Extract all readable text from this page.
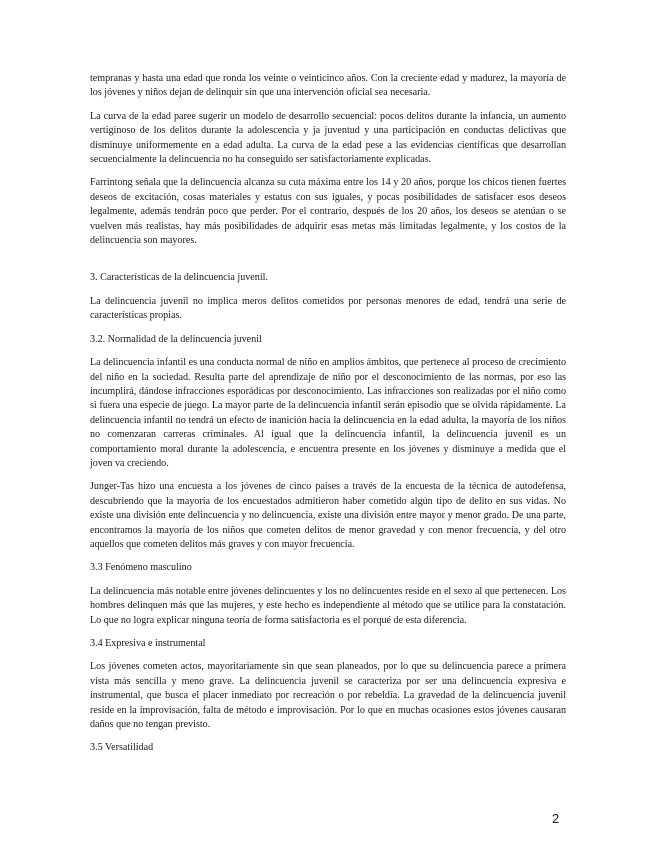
tempranas y hasta una edad que ronda los veinte o veinticinco años. Con la creciente edad y madurez, la mayoría de los jóvenes y niños dejan de delinquir sin que una intervención oficial sea necesaria.

La curva de la edad paree sugerir un modelo de desarrollo secuencial: pocos delitos durante la infancia, un aumento vertiginoso de los delitos durante la adolescencia y ja juventud y una participación en conductas delictivas que disminuye uniformemente en a edad adulta. La curva de la edad pese a las evidencias científicas que desarrollan secuencialmente la delincuencia no ha conseguido ser satisfactoriamente explicadas.

Farrintong señala que la delincuencia alcanza su cuta máxima entre los 14 y 20 años, porque los chicos tienen fuertes deseos de excitación, cosas materiales y estatus con sus iguales, y pocas posibilidades de satisfacer esos deseos legalmente, además tendrán poco que perder. Por el contrario, después de los 20 años, los deseos se atenúan o se vuelven más realistas, hay más posibilidades de adquirir esas metas más limitadas legalmente, y los costos de la delincuencia son mayores.

3. Características de la delincuencia juvenil.

La delincuencia juvenil no implica meros delitos cometidos por personas menores de edad, tendrá una serie de características propias.

3.2. Normalidad de la delincuencia juvenil

La delincuencia infantil es una conducta normal de niño en amplios ámbitos, que pertenece al proceso de crecimiento del niño en la sociedad. Resulta parte del aprendizaje de niño por el desconocimiento de las normas, por eso las incumplirá, dándose infracciones esporádicas por desconocimiento. Las infracciones son realizadas por el niño como si fuera una especie de juego. La mayor parte de la delincuencia infantil serán episodio que se olvida rápidamente. La delincuencia infantil no tendrá un efecto de inanición hacia la delincuencia en la edad adulta, la mayoría de los niños no comenzaran carreras criminales. Al igual que la delincuencia infantil, la delincuencia juvenil es un comportamiento moral durante la adolescencia, e encuentra presente en los jóvenes y disminuye a medida que el joven va creciendo.

Junger-Tas hizo una encuesta a los jóvenes de cinco países a través de la encuesta de la técnica de autodefensa, descubriendo que la mayoría de los encuestados admitieron haber cometido algún tipo de delito en sus vidas. No existe una división ente delincuencia y no delincuencia, existe una división entre mayor y menor grado. De una parte, encontramos la mayoría de los niños que cometen delitos de menor gravedad y con menor frecuencia, y del otro aquellos que cometen delitos más graves y con mayor frecuencia.

3.3 Fenómeno masculino

La delincuencia más notable entre jóvenes delincuentes y los no delincuentes reside en el sexo al que pertenecen. Los hombres delinquen más que las mujeres, y este hecho es independiente al método que se utilice para la constatación. Lo que no logra explicar ninguna teoría de forma satisfactoria es el porqué de esta diferencia.

3.4 Expresiva e instrumental

Los jóvenes cometen actos, mayoritariamente sin que sean planeados, por lo que su delincuencia parece a primera vista más sencilla y meno grave. La delincuencia juvenil se caracteriza por ser una delincuencia expresiva e instrumental, que busca el placer inmediato por recreación o por rebeldía. La gravedad de la delincuencia juvenil reside en la improvisación, falta de método e improvisación. Por lo que en muchas ocasiones estos jóvenes causaran daños que no tengan previsto.

3.5 Versatilidad
2
